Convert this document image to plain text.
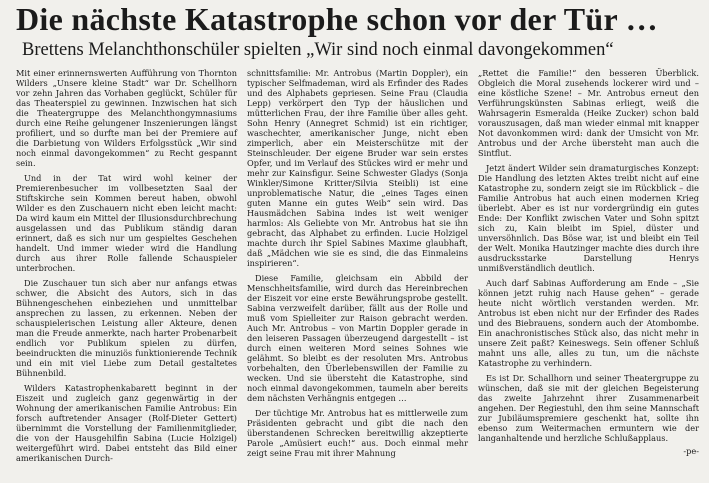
Die nächste Katastrophe schon vor der Tür …
Brettens Melanchthonschüler spielten „Wir sind noch einmal davongekommen“

Mit einer erinnernswerten Aufführung von Thornton Wilders „Unsere kleine Stadt“ war Dr. Schellhorn vor zehn Jahren das Vorhaben geglückt, Schüler für das Theaterspiel zu gewinnen. Inzwischen hat sich die Theatergruppe des Melanchthongymnasiums durch eine Reihe gelungener Inszenierungen längst profiliert, und so durfte man bei der Premiere auf die Darbietung von Wilders Erfolgsstück „Wir sind noch einmal davongekommen“ zu Recht gespannt sein.

Und in der Tat wird wohl keiner der Premierenbesucher im vollbesetzten Saal der Stiftskirche sein Kommen bereut haben, obwohl Wilder es den Zuschauern nicht eben leicht macht: Da wird kaum ein Mittel der Illusionsdurchbrechung ausgelassen und das Publikum ständig daran erinnert, daß es sich nur um gespieltes Geschehen handelt. Und immer wieder wird die Handlung durch aus ihrer Rolle fallende Schauspieler unterbrochen.

Die Zuschauer tun sich aber nur anfangs etwas schwer, die Absicht des Autors, sich in das Bühnengeschehen einbeziehen und unmittelbar ansprechen zu lassen, zu erkennen. Neben der schauspielerischen Leistung aller Akteure, denen man die Freude anmerkte, nach harter Probenarbeit endlich vor Publikum spielen zu dürfen, beeindruckten die minuziös funktionierende Technik und ein mit viel Liebe zum Detail gestaltetes Bühnenbild.

Wilders Katastrophenkabarett beginnt in der Eiszeit und zugleich ganz gegenwärtig in der Wohnung der amerikanischen Familie Antrobus: Ein forsch auftretender Ansager (Rolf-Dieter Gettert) übernimmt die Vorstellung der Familienmitglieder, die von der Hausgehilfin Sabina (Lucie Holzigel) weitergeführt wird. Dabei entsteht das Bild einer amerikanischen Durch-

schnittsfamilie: Mr. Antrobus (Martin Doppler), ein typischer Selfmademan, wird als Erfinder des Rades und des Alphabets gepriesen. Seine Frau (Claudia Lepp) verkörpert den Typ der häuslichen und mütterlichen Frau, der ihre Familie über alles geht. Sohn Henry (Annegret Schmid) ist ein richtiger, waschechter, amerikanischer Junge, nicht eben zimperlich, aber ein Meisterschütze mit der Steinschleuder. Der eigene Bruder war sein erstes Opfer, und im Verlauf des Stückes wird er mehr und mehr zur Kainsfigur. Seine Schwester Gladys (Sonja Winkler/Simone Kritter/Silvia Steibli) ist eine unproblematische Natur, die „eines Tages einen guten Manne ein gutes Weib“ sein wird. Das Hausmädchen Sabina indes ist weit weniger harmlos: Als Geliebte von Mr. Antrobus hat sie ihn gebracht, das Alphabet zu erfinden. Lucie Holzigel machte durch ihr Spiel Sabines Maxime glaubhaft, daß „Mädchen wie sie es sind, die das Einmaleins inspirieren“.

Diese Familie, gleichsam ein Abbild der Menschheitsfamilie, wird durch das Hereinbrechen der Eiszeit vor eine erste Bewährungsprobe gestellt. Sabina verzweifelt darüber, fällt aus der Rolle und muß vom Spielleiter zur Raison gebracht werden. Auch Mr. Antrobus – von Martin Doppler gerade in den leiseren Passagen überzeugend dargestellt – ist durch einen weiteren Mord seines Sohnes wie gelähmt. So bleibt es der resoluten Mrs. Antrobus vorbehalten, den Überlebenswillen der Familie zu wecken. Und sie übersteht die Katastrophe, sind noch einmal davongekommen, taumeln aber bereits dem nächsten Verhängnis entgegen …

Der tüchtige Mr. Antrobus hat es mittlerweile zum Präsidenten gebracht und gibt die nach den überstandenen Schrecken bereitwillig akzeptierte Parole „Amüsiert euch!“ aus. Doch einmal mehr zeigt seine Frau mit ihrer Mahnung

„Rettet die Familie!“ den besseren Überblick. Obgleich die Moral zusehends lockerer wird und – eine köstliche Szene! – Mr. Antrobus erneut den Verführungskünsten Sabinas erliegt, weiß die Wahrsagerin Esmeralda (Heike Zucker) schon bald vorauszusagen, daß man wieder einmal mit knapper Not davonkommen wird: dank der Umsicht von Mr. Antrobus und der Arche übersteht man auch die Sintflut.

Jetzt ändert Wilder sein dramaturgisches Konzept: Die Handlung des letzten Aktes treibt nicht auf eine Katastrophe zu, sondern zeigt sie im Rückblick – die Familie Antrobus hat auch einen modernen Krieg überlebt. Aber es ist nur vordergründig ein gutes Ende: Der Konflikt zwischen Vater und Sohn spitzt sich zu, Kain bleibt im Spiel, düster und unversöhnlich. Das Böse war, ist und bleibt ein Teil der Welt. Monika Hautzinger machte dies durch ihre ausdrucksstarke Darstellung Henrys unmißverständlich deutlich.

Auch darf Sabinas Aufforderung am Ende – „Sie können jetzt ruhig nach Hause gehen“ – gerade heute nicht wörtlich verstanden werden. Mr. Antrobus ist eben nicht nur der Erfinder des Rades und des Biebrauens, sondern auch der Atombombe. Ein anachronistisches Stück also, das nicht mehr in unsere Zeit paßt? Keineswegs. Sein offener Schluß mahnt uns alle, alles zu tun, um die nächste Katastrophe zu verhindern.

Es ist Dr. Schallhorn und seiner Theatergruppe zu wünschen, daß sie mit der gleichen Begeisterung das zweite Jahrzehnt ihrer Zusammenarbeit angehen. Der Regiestuhl, den ihm seine Mannschaft zur Jubiläumspremiere geschenkt hat, sollte ihn ebenso zum Weitermachen ermuntern wie der langanhaltende und herzliche Schlußapplaus.

-pe-
